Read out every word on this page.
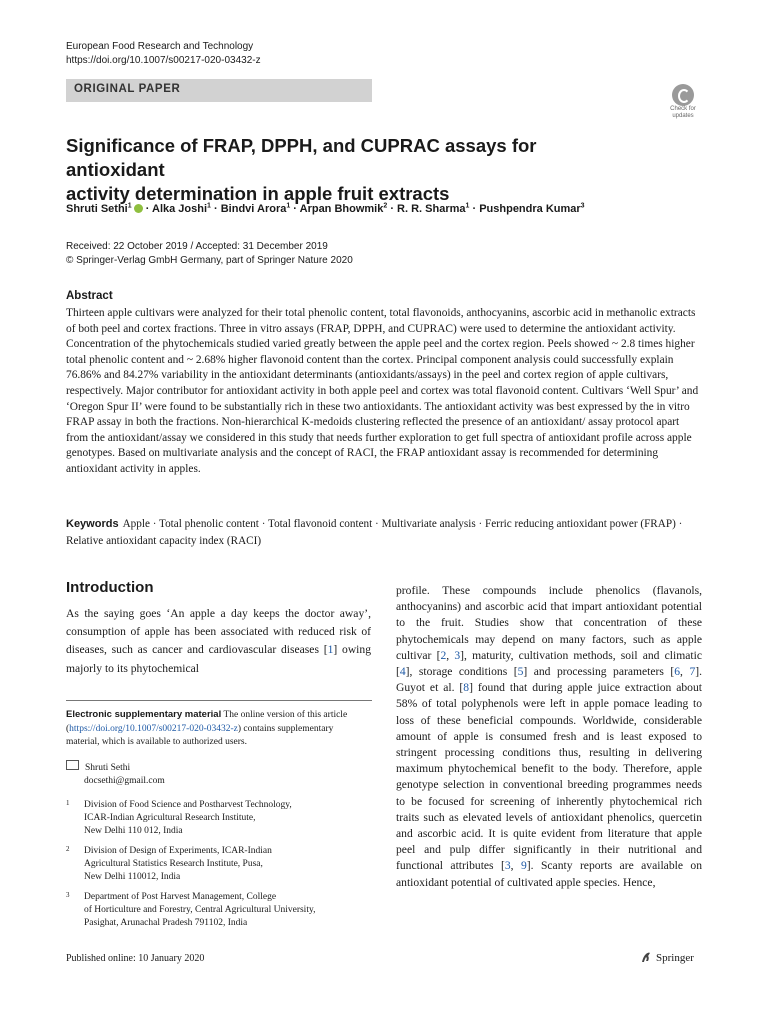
European Food Research and Technology
https://doi.org/10.1007/s00217-020-03432-z
ORIGINAL PAPER
Check for
updates
Significance of FRAP, DPPH, and CUPRAC assays for antioxidant
activity determination in apple fruit extracts
Shruti Sethi$^1$ · Alka Joshi$^1$ · Bindvi Arora$^1$ · Arpan Bhowmik$^2$ · R. R. Sharma$^1$ · Pushpendra Kumar$^3$
Received: 22 October 2019 / Accepted: 31 December 2019
© Springer-Verlag GmbH Germany, part of Springer Nature 2020
Abstract
Thirteen apple cultivars were analyzed for their total phenolic content, total flavonoids, anthocyanins, ascorbic acid in methanolic extracts of both peel and cortex fractions. Three in vitro assays (FRAP, DPPH, and CUPRAC) were used to determine the antioxidant activity. Concentration of the phytochemicals studied varied greatly between the apple peel and the cortex region. Peels showed ~ 2.8 times higher total phenolic content and ~ 2.68% higher flavonoid content than the cortex. Principal component analysis could successfully explain 76.86% and 84.27% variability in the antioxidant determinants (antioxidants/assays) in the peel and cortex region of apple cultivars, respectively. Major contributor for antioxidant activity in both apple peel and cortex was total flavonoid content. Cultivars ‘Well Spur’ and ‘Oregon Spur II’ were found to be substantially rich in these two antioxidants. The antioxidant activity was best expressed by the in vitro FRAP assay in both the fractions. Non-hierarchical K-medoids clustering reflected the presence of an antioxidant/ assay protocol apart from the antioxidant/assay we considered in this study that needs further exploration to get full spectra of antioxidant profile across apple genotypes. Based on multivariate analysis and the concept of RACI, the FRAP antioxidant assay is recommended for determining antioxidant activity in apples.
Keywords Apple · Total phenolic content · Total flavonoid content · Multivariate analysis · Ferric reducing antioxidant power (FRAP) · Relative antioxidant capacity index (RACI)
Introduction
As the saying goes ‘An apple a day keeps the doctor away’, consumption of apple has been associated with reduced risk of diseases, such as cancer and cardiovascular diseases [1] owing majorly to its phytochemical
profile. These compounds include phenolics (flavanols, anthocyanins) and ascorbic acid that impart antioxidant potential to the fruit. Studies show that concentration of these phytochemicals may depend on many factors, such as apple cultivar [2, 3], maturity, cultivation methods, soil and climatic [4], storage conditions [5] and processing parameters [6, 7]. Guyot et al. [8] found that during apple juice extraction about 58% of total polyphenols were left in apple pomace leading to loss of these beneficial compounds. Worldwide, considerable amount of apple is consumed fresh and is least exposed to stringent processing conditions thus, resulting in delivering maximum phytochemical benefit to the body. Therefore, apple genotype selection in conventional breeding programmes needs to be focused for screening of inherently phytochemical rich traits such as elevated levels of antioxidant phenolics, quercetin and ascorbic acid. It is quite evident from literature that apple peel and pulp differ significantly in their nutritional and functional attributes [3, 9]. Scanty reports are available on antioxidant potential of cultivated apple species. Hence,
Electronic supplementary material The online version of this article (https://doi.org/10.1007/s00217-020-03432-z) contains supplementary material, which is available to authorized users.
Shruti Sethi
docsethi@gmail.com
1 Division of Food Science and Postharvest Technology,
ICAR-Indian Agricultural Research Institute,
New Delhi 110 012, India
2 Division of Design of Experiments, ICAR-Indian
Agricultural Statistics Research Institute, Pusa,
New Delhi 110012, India
3 Department of Post Harvest Management, College
of Horticulture and Forestry, Central Agricultural University,
Pasighat, Arunachal Pradesh 791102, India
Published online: 10 January 2020	Springer
